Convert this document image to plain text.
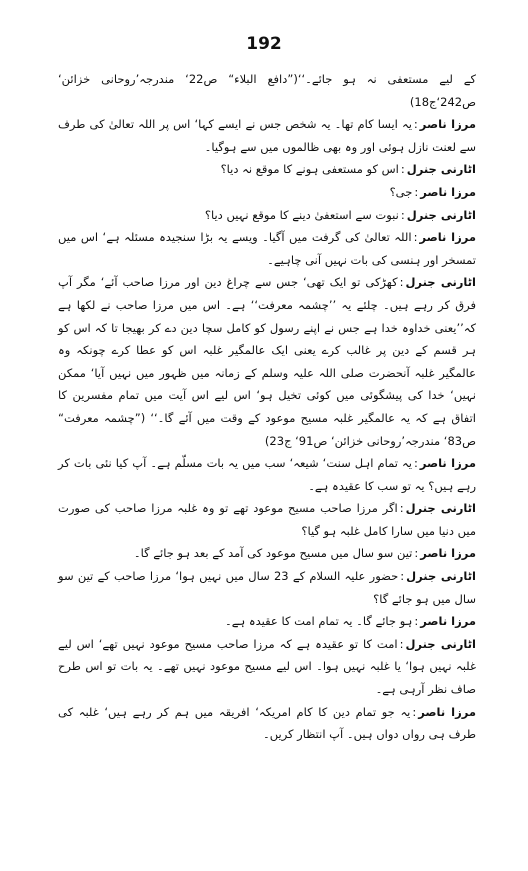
192

کے لیے مستعفی نہ ہو جائے۔‘‘(”دافع البلاء“ ص22‘ مندرجہ’روحانی خزائن‘ ص242‘ج18)

مرزا ناصر:یہ ایسا کام تھا۔ یہ شخص جس نے ایسے کہا‘ اس پر اللہ تعالیٰ کی طرف سے لعنت نازل ہوئی اور وہ بھی ظالموں میں سے ہوگیا۔

اٹارنی جنرل:اس کو مستعفی ہونے کا موقع نہ دیا؟

مرزا ناصر:جی؟

اٹارنی جنرل:نبوت سے استعفیٰ دینے کا موقع نہیں دیا؟

مرزا ناصر:اللہ تعالیٰ کی گرفت میں آگیا۔ ویسے یہ بڑا سنجیدہ مسئلہ ہے‘ اس میں تمسخر اور ہنسی کی بات نہیں آنی چاہیے۔

اٹارنی جنرل:کھڑکی تو ایک تھی‘ جس سے چراغ دین اور مرزا صاحب آئے‘ مگر آپ فرق کر رہے ہیں۔ چلئے یہ ’’چشمہ معرفت‘‘ ہے۔ اس میں مرزا صاحب نے لکھا ہے کہ’’یعنی خداوہ خدا ہے جس نے اپنے رسول کو کامل سچا دین دے کر بھیجا تا کہ اس کو ہر قسم کے دین پر غالب کرے یعنی ایک عالمگیر غلبہ اس کو عطا کرے چونکہ وہ عالمگیر غلبہ آنحضرت صلی اللہ علیہ وسلم کے زمانہ میں ظہور میں نہیں آیا‘ ممکن نہیں‘ خدا کی پیشگوئی میں کوئی تخیل ہو‘ اس لیے اس آیت میں تمام مفسرین کا اتفاق ہے کہ یہ عالمگیر غلبہ مسیح موعود کے وقت میں آئے گا۔‘‘ (”چشمہ معرفت“ ص83‘ مندرجہ’روحانی خزائن‘ ص91‘ ج23)

مرزا ناصر:یہ تمام اہل سنت‘ شیعہ‘ سب میں یہ بات مسلّم ہے۔ آپ کیا نئی بات کر رہے ہیں؟ یہ تو سب کا عقیدہ ہے۔

اٹارنی جنرل:اگر مرزا صاحب مسیح موعود تھے تو وہ غلبہ مرزا صاحب کی صورت میں دنیا میں سارا کامل غلبہ ہو گیا؟

مرزا ناصر:تین سو سال میں مسیح موعود کی آمد کے بعد ہو جائے گا۔

اٹارنی جنرل:حضور علیہ السلام کے 23 سال میں نہیں ہوا‘ مرزا صاحب کے تین سو سال میں ہو جائے گا؟

مرزا ناصر:ہو جائے گا۔ یہ تمام امت کا عقیدہ ہے۔

اٹارنی جنرل:امت کا تو عقیدہ ہے کہ مرزا صاحب مسیح موعود نہیں تھے‘ اس لیے غلبہ نہیں ہوا‘ یا غلبہ نہیں ہوا۔ اس لیے مسیح موعود نہیں تھے۔ یہ بات تو اس طرح صاف نظر آرہی ہے۔

مرزا ناصر:یہ جو تمام دین کا کام امریکہ‘ افریقہ میں ہم کر رہے ہیں‘ غلبہ کی طرف ہی رواں دواں ہیں۔ آپ انتظار کریں۔
